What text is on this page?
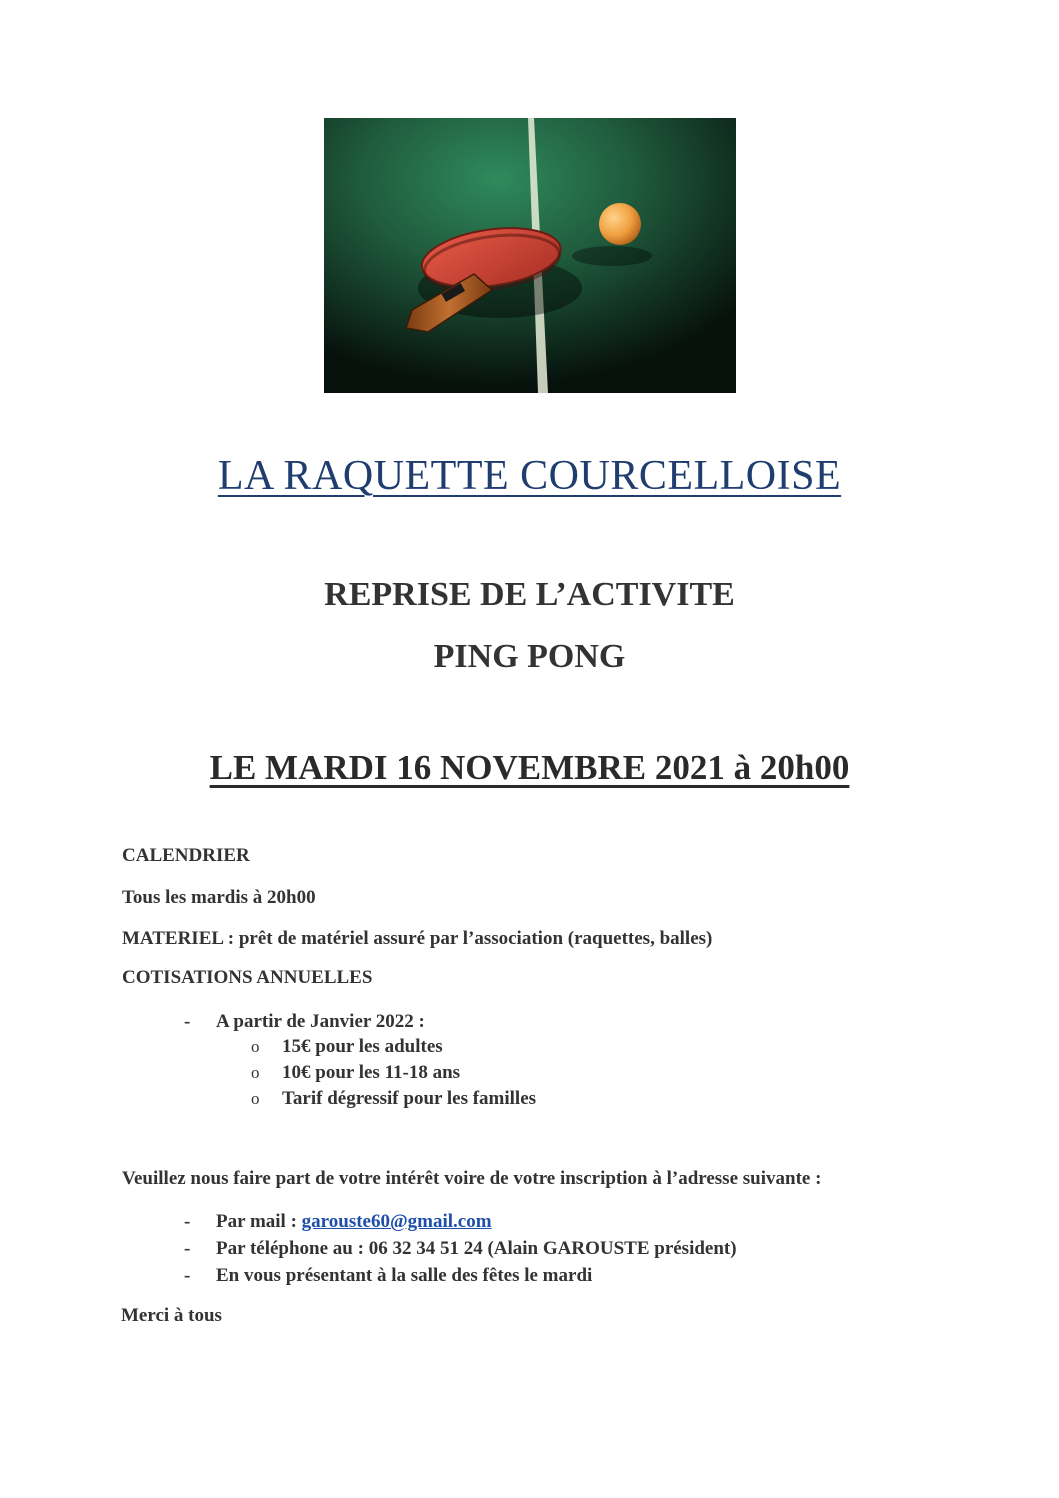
LA RAQUETTE COURCELLOISE
REPRISE DE L’ACTIVITE
PING PONG
LE MARDI 16 NOVEMBRE 2021 à 20h00
CALENDRIER
Tous les mardis à 20h00
MATERIEL : prêt de matériel assuré par l’association (raquettes, balles)
COTISATIONS ANNUELLES
- A partir de Janvier 2022 :
o 15€ pour les adultes
o 10€ pour les 11-18 ans
o Tarif dégressif pour les familles
Veuillez nous faire part de votre intérêt voire de votre inscription à l’adresse suivante :
- Par mail : garouste60@gmail.com
- Par téléphone au : 06 32 34 51 24 (Alain GAROUSTE président)
- En vous présentant à la salle des fêtes le mardi
Merci à tous
